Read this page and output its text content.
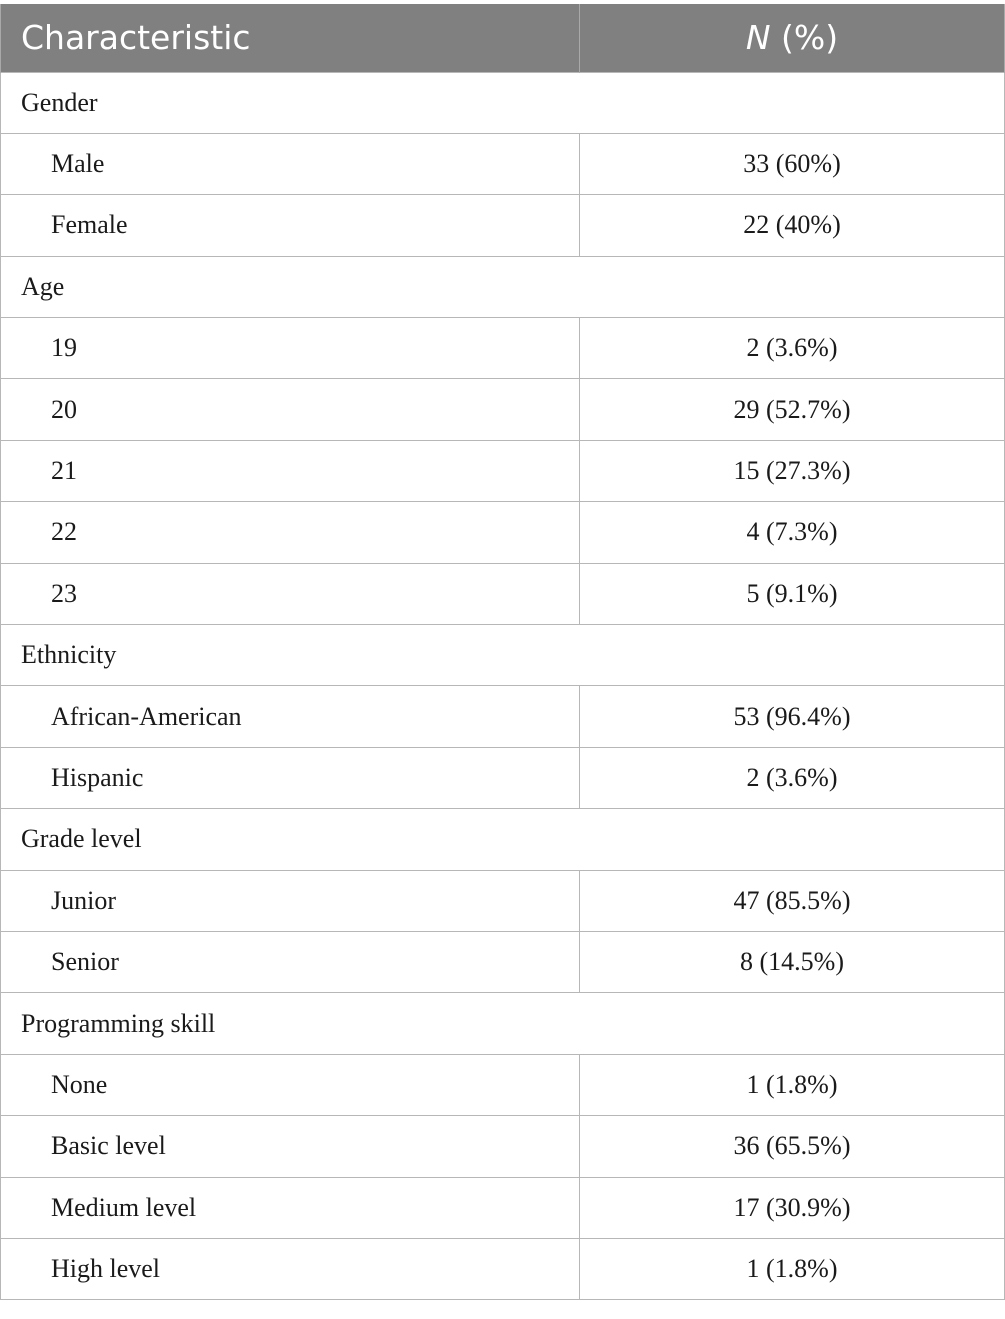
Characteristic	N (%)
Gender	
Male	33 (60%)
Female	22 (40%)
Age	
19	2 (3.6%)
20	29 (52.7%)
21	15 (27.3%)
22	4 (7.3%)
23	5 (9.1%)
Ethnicity	
African-American	53 (96.4%)
Hispanic	2 (3.6%)
Grade level	
Junior	47 (85.5%)
Senior	8 (14.5%)
Programming skill	
None	1 (1.8%)
Basic level	36 (65.5%)
Medium level	17 (30.9%)
High level	1 (1.8%)
